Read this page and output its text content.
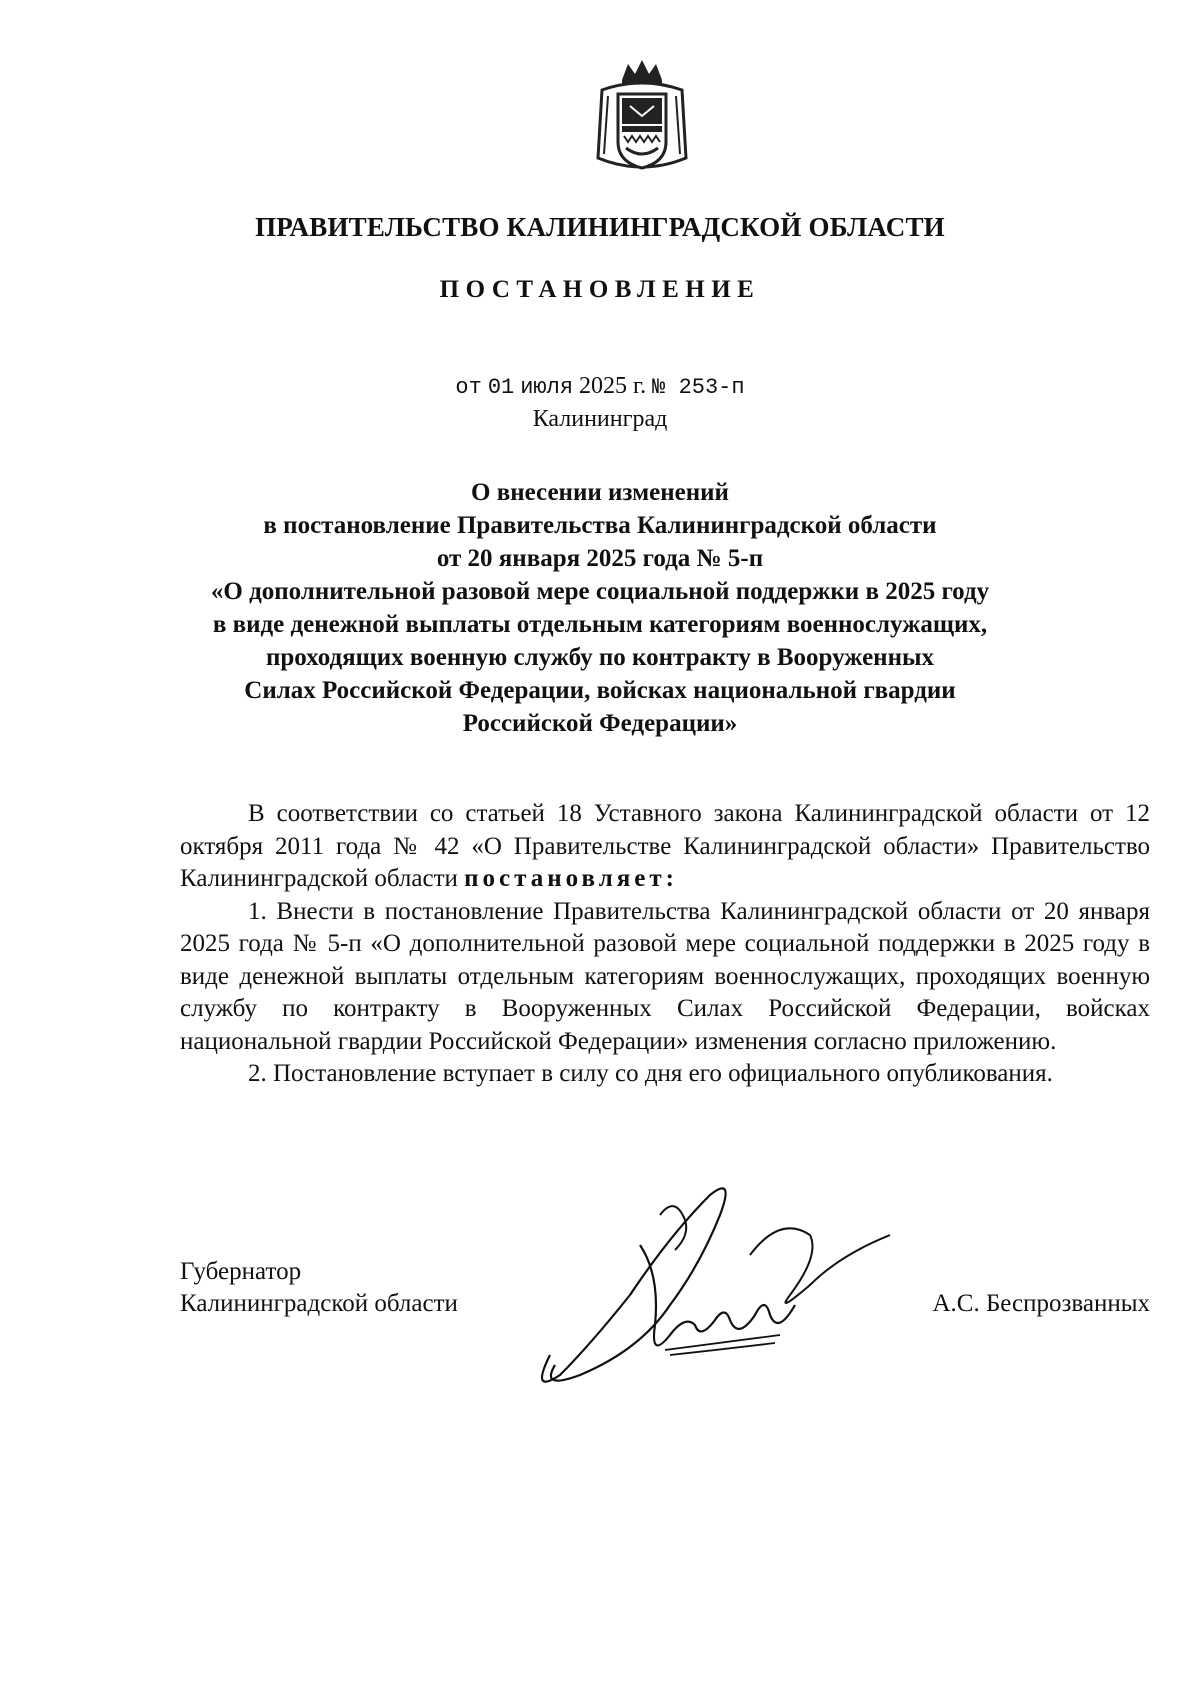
ПРАВИТЕЛЬСТВО КАЛИНИНГРАДСКОЙ ОБЛАСТИ
ПОСТАНОВЛЕНИЕ
от 01 июля 2025 г. № 253-п
Калининград
О внесении изменений
в постановление Правительства Калининградской области
от 20 января 2025 года № 5-п
«О дополнительной разовой мере социальной поддержки в 2025 году
в виде денежной выплаты отдельным категориям военнослужащих,
проходящих военную службу по контракту в Вооруженных
Силах Российской Федерации, войсках национальной гвардии
Российской Федерации»

В соответствии со статьей 18 Уставного закона Калининградской области от 12 октября 2011 года № 42 «О Правительстве Калининградской области» Правительство Калининградской области постановляет:

1. Внести в постановление Правительства Калининградской области от 20 января 2025 года № 5-п «О дополнительной разовой мере социальной поддержки в 2025 году в виде денежной выплаты отдельным категориям военнослужащих, проходящих военную службу по контракту в Вооруженных Силах Российской Федерации, войсках национальной гвардии Российской Федерации» изменения согласно приложению.

2. Постановление вступает в силу со дня его официального опубликования.

Губернатор
Калининградской области	А.С. Беспрозванных
